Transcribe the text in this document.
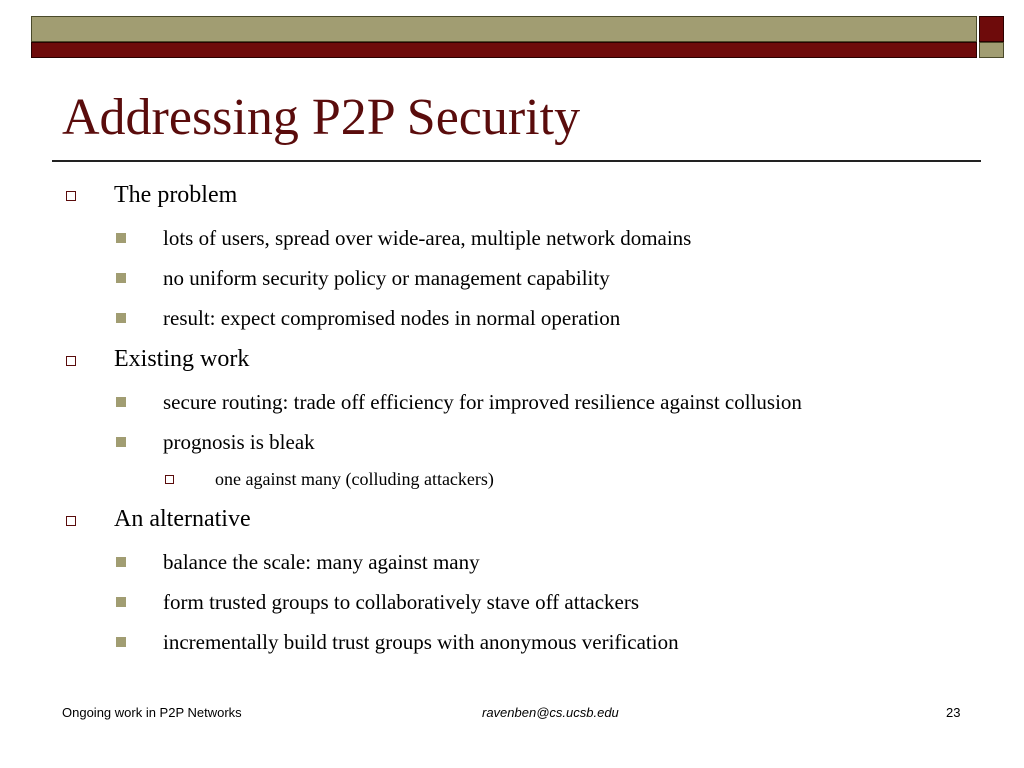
Addressing P2P Security
The problem
lots of users, spread over wide-area, multiple network domains
no uniform security policy or management capability
result: expect compromised nodes in normal operation
Existing work
secure routing: trade off efficiency for improved resilience against collusion
prognosis is bleak
one against many (colluding attackers)
An alternative
balance the scale: many against many
form trusted groups to collaboratively stave off attackers
incrementally build trust groups with anonymous verification
Ongoing work in P2P Networks	ravenben@cs.ucsb.edu	23
